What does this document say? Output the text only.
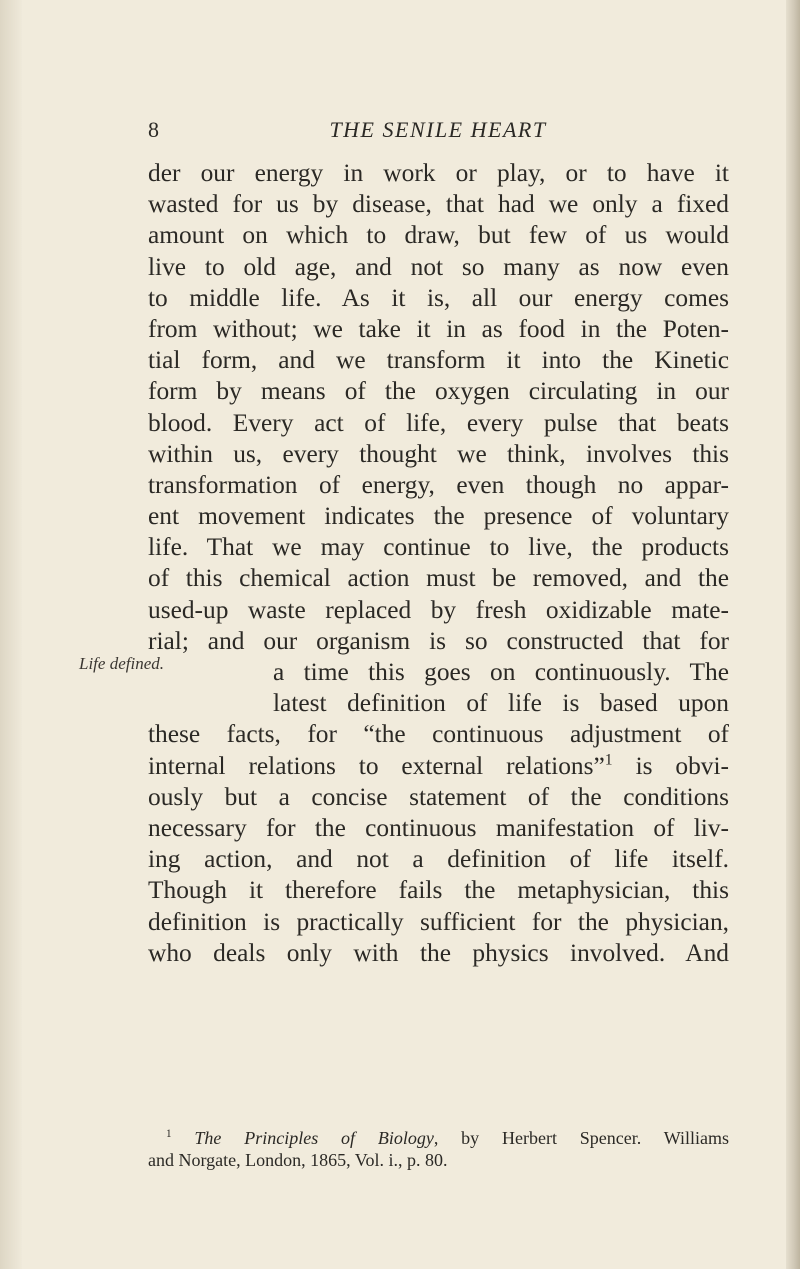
8	THE SENILE HEART
Life defined.
der our energy in work or play, or to have it
wasted for us by disease, that had we only a fixed
amount on which to draw, but few of us would
live to old age, and not so many as now even
to middle life. As it is, all our energy comes
from without; we take it in as food in the Poten-
tial form, and we transform it into the Kinetic
form by means of the oxygen circulating in our
blood. Every act of life, every pulse that beats
within us, every thought we think, involves this
transformation of energy, even though no appar-
ent movement indicates the presence of voluntary
life. That we may continue to live, the products
of this chemical action must be removed, and the
used-up waste replaced by fresh oxidizable mate-
rial; and our organism is so constructed that for
a time this goes on continuously. The
latest definition of life is based upon
these facts, for “the continuous adjustment of
internal relations to external relations”$^1$ is obvi-
ously but a concise statement of the conditions
necessary for the continuous manifestation of liv-
ing action, and not a definition of life itself.
Though it therefore fails the metaphysician, this
definition is practically sufficient for the physician,
who deals only with the physics involved. And
$^1$ The Principles of Biology, by Herbert Spencer. Williams
and Norgate, London, 1865, Vol. i., p. 80.
